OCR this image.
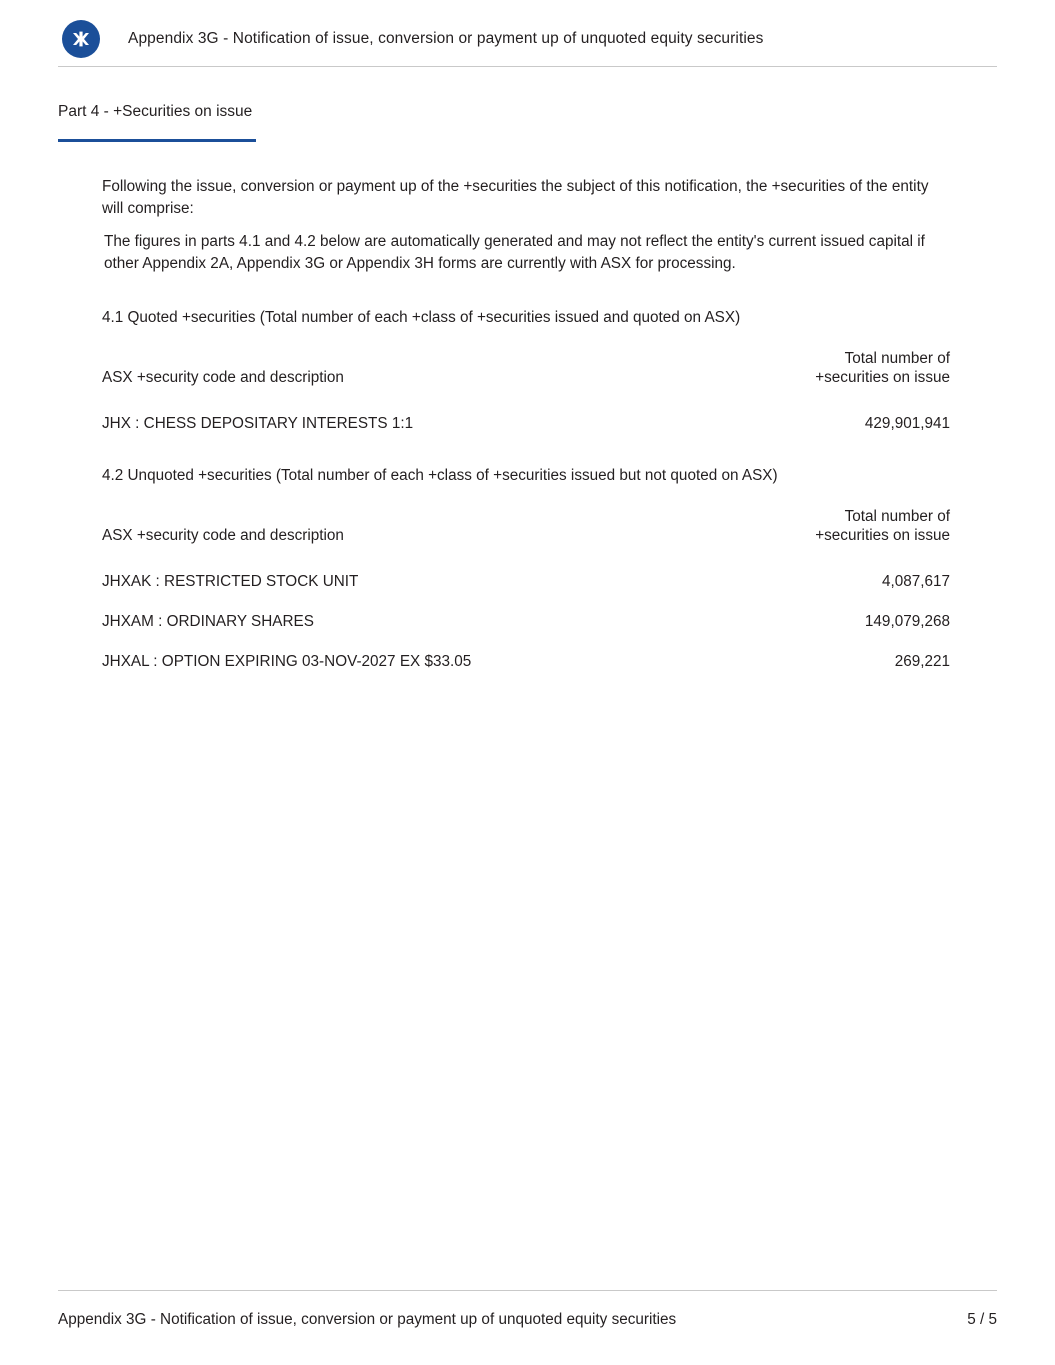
Appendix 3G - Notification of issue, conversion or payment up of unquoted equity securities
Part 4 - +Securities on issue

Following the issue, conversion or payment up of the +securities the subject of this notification, the +securities of the entity will comprise:

The figures in parts 4.1 and 4.2 below are automatically generated and may not reflect the entity's current issued capital if other Appendix 2A, Appendix 3G or Appendix 3H forms are currently with ASX for processing.

4.1 Quoted +securities (Total number of each +class of +securities issued and quoted on ASX)
ASX +security code and description	Total number of
+securities on issue

JHX : CHESS DEPOSITARY INTERESTS 1:1	429,901,941
4.2 Unquoted +securities (Total number of each +class of +securities issued but not quoted on ASX)
ASX +security code and description	Total number of
+securities on issue

JHXAK : RESTRICTED STOCK UNIT	4,087,617
JHXAM : ORDINARY SHARES	149,079,268
JHXAL : OPTION EXPIRING 03-NOV-2027 EX $33.05	269,221
Appendix 3G - Notification of issue, conversion or payment up of unquoted equity securities	5 / 5
